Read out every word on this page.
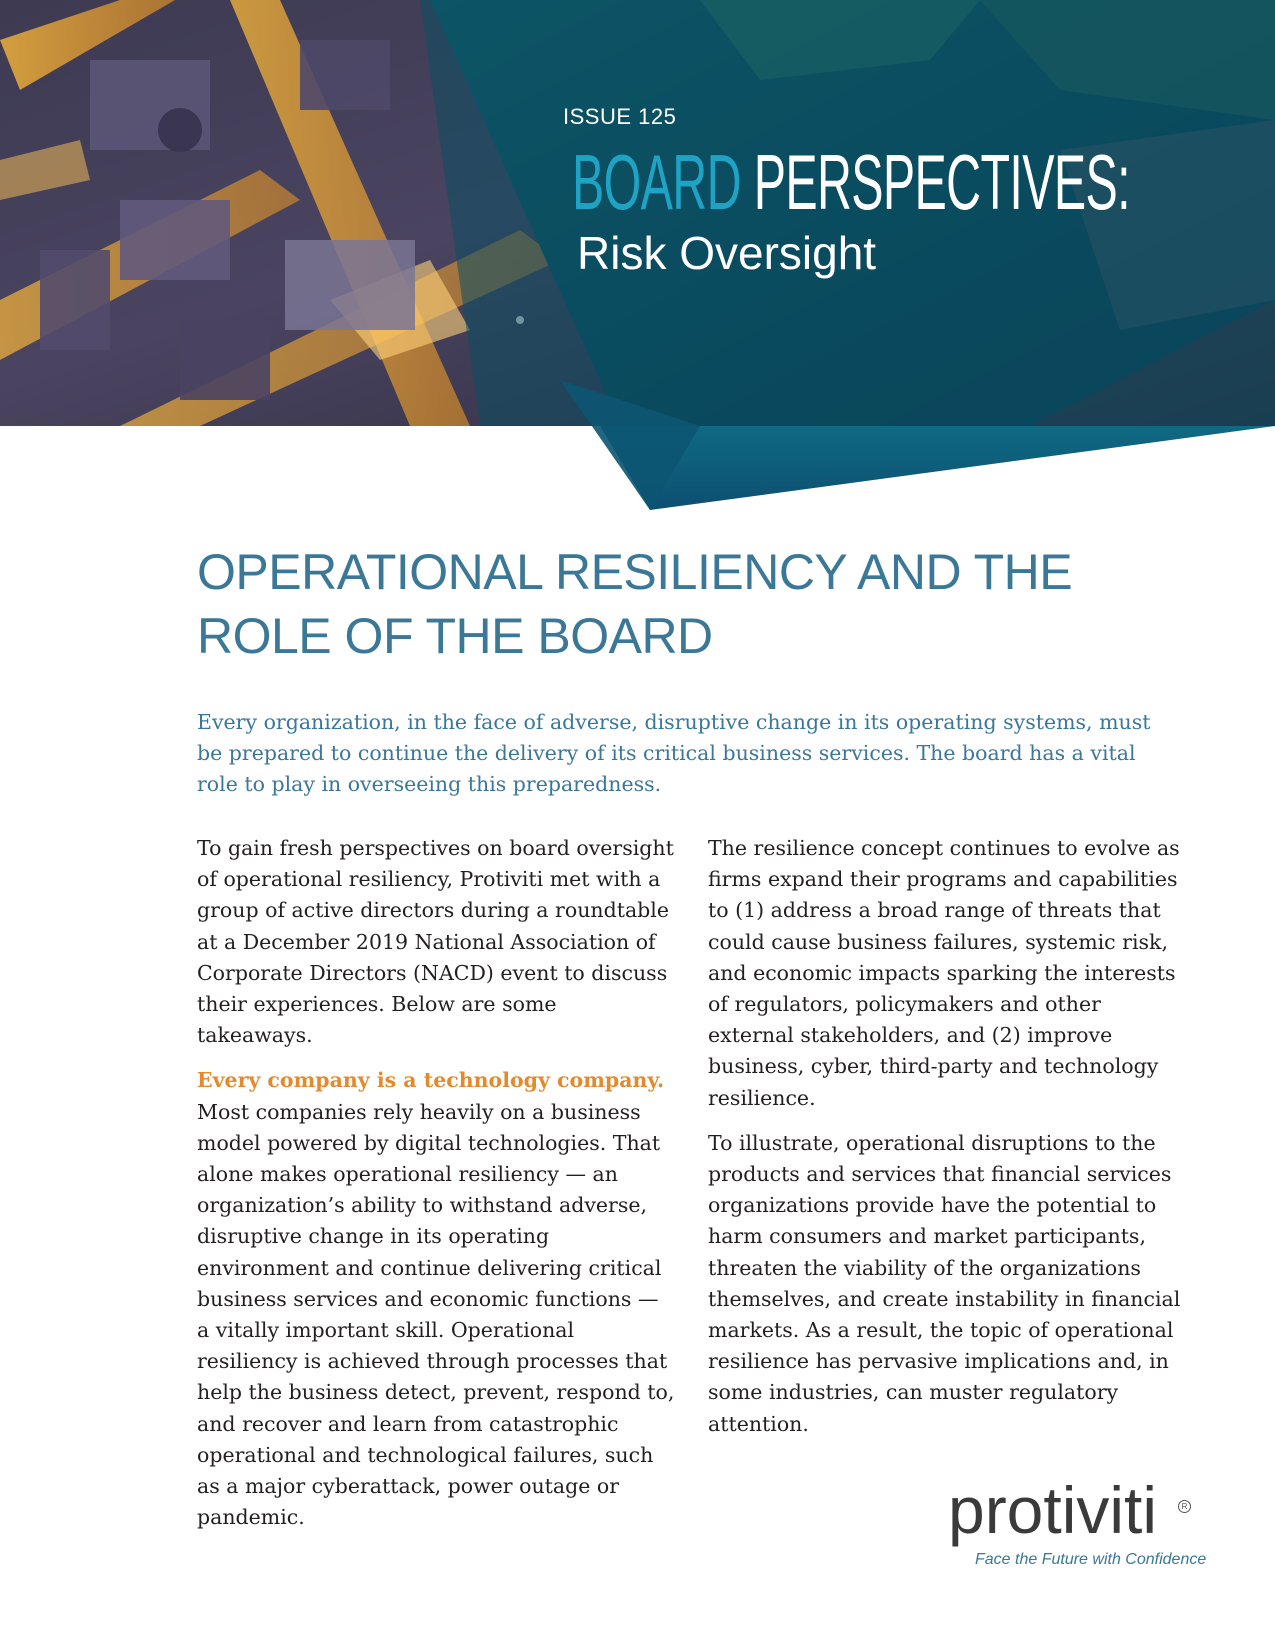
ISSUE 125
BOARD PERSPECTIVES:
Risk Oversight
OPERATIONAL RESILIENCY AND THE ROLE OF THE BOARD

Every organization, in the face of adverse, disruptive change in its operating systems, must be prepared to continue the delivery of its critical business services. The board has a vital role to play in overseeing this preparedness.

To gain fresh perspectives on board oversight of operational resiliency, Protiviti met with a group of active directors during a roundtable at a December 2019 National Association of Corporate Directors (NACD) event to discuss their experiences. Below are some takeaways.

Every company is a technology company.
Most companies rely heavily on a business model powered by digital technologies. That alone makes operational resiliency — an organization’s ability to withstand adverse, disruptive change in its operating environment and continue delivering critical business services and economic functions — a vitally important skill. Operational resiliency is achieved through processes that help the business detect, prevent, respond to, and recover and learn from catastrophic operational and technological failures, such as a major cyberattack, power outage or pandemic.

The resilience concept continues to evolve as firms expand their programs and capabilities to (1) address a broad range of threats that could cause business failures, systemic risk, and economic impacts sparking the interests of regulators, policymakers and other external stakeholders, and (2) improve business, cyber, third-party and technology resilience.

To illustrate, operational disruptions to the products and services that financial services organizations provide have the potential to harm consumers and market participants, threaten the viability of the organizations themselves, and create instability in financial markets. As a result, the topic of operational resilience has pervasive implications and, in some industries, can muster regulatory attention.

protiviti	R
Face the Future with Confidence
